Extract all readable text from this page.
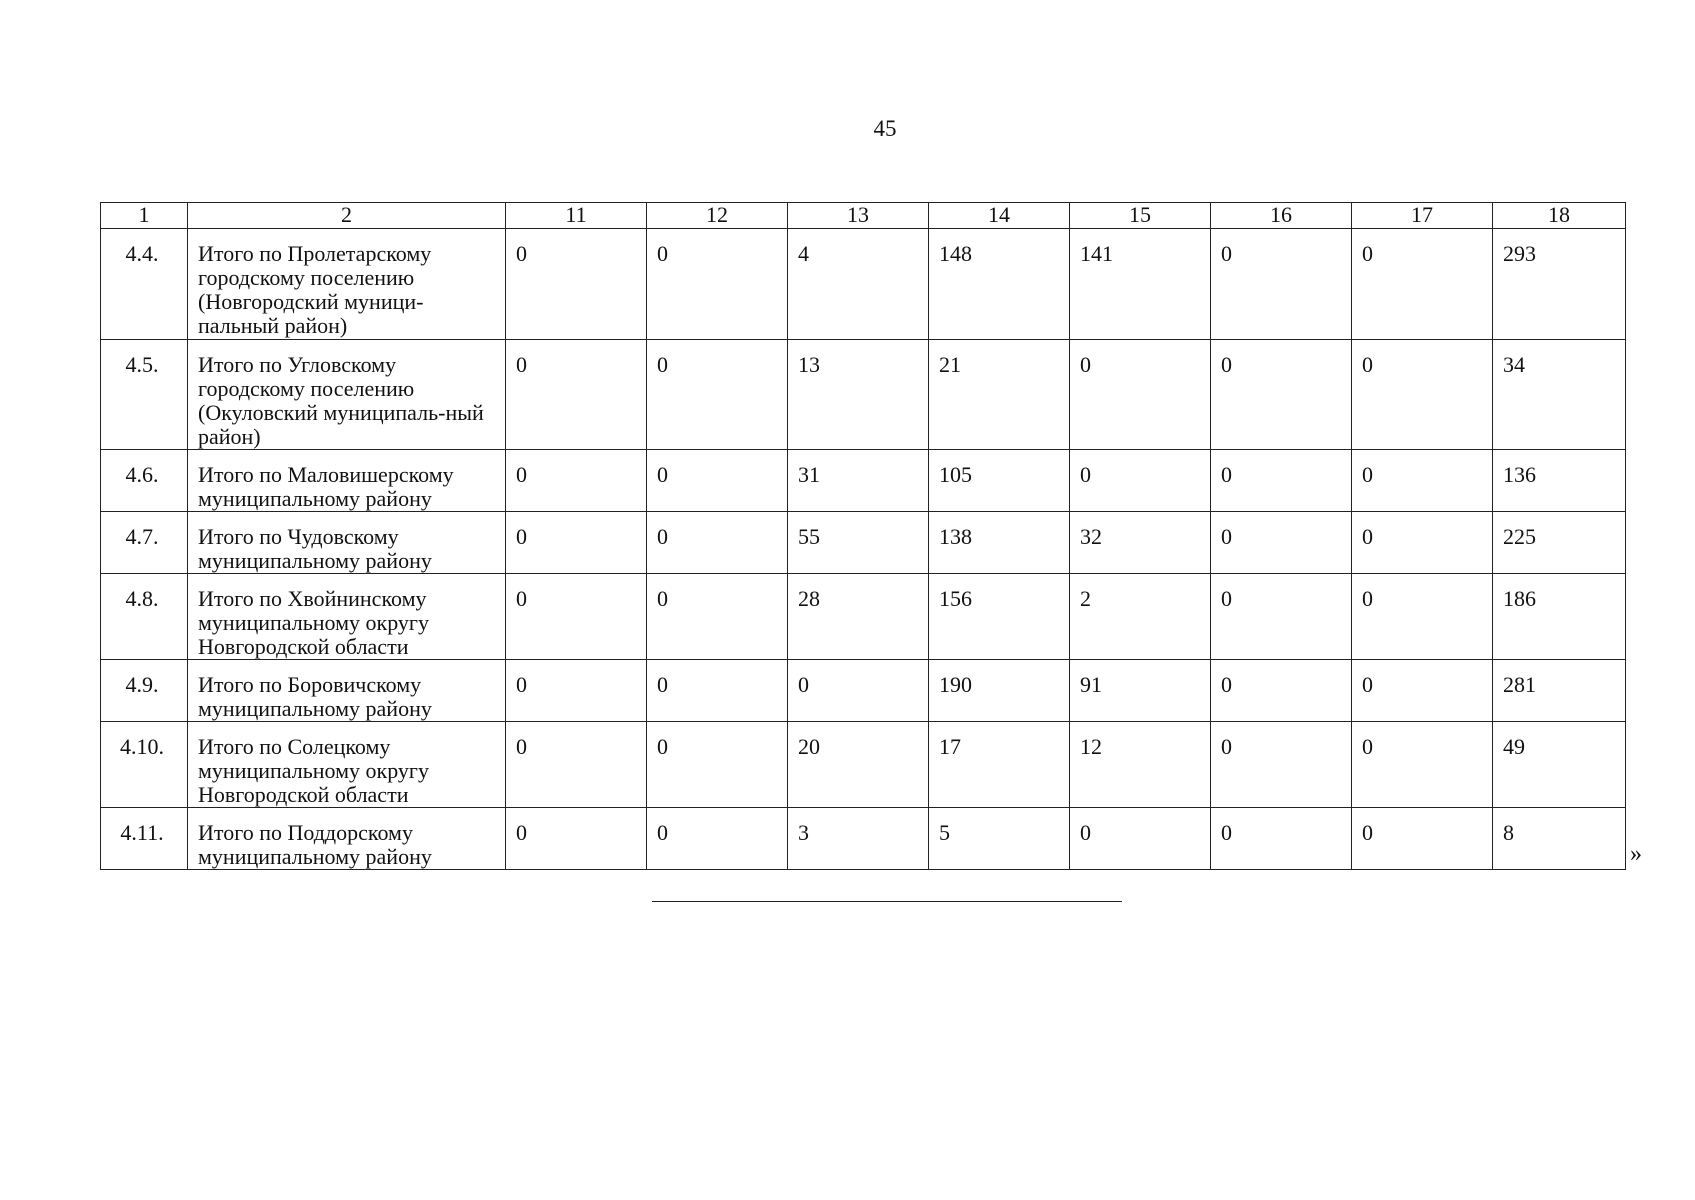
45
1	2	11	12	13	14	15	16	17	18
4.4.	Итого по Пролетарскому городскому поселению (Новгородский муници-пальный район)	0	0	4	148	141	0	0	293
4.5.	Итого по Угловскому городскому поселению (Окуловский муниципаль-ный район)	0	0	13	21	0	0	0	34
4.6.	Итого по Маловишерскому муниципальному району	0	0	31	105	0	0	0	136
4.7.	Итого по Чудовскому муниципальному району	0	0	55	138	32	0	0	225
4.8.	Итого по Хвойнинскому муниципальному округу Новгородской области	0	0	28	156	2	0	0	186
4.9.	Итого по Боровичскому муниципальному району	0	0	0	190	91	0	0	281
4.10.	Итого по Солецкому муниципальному округу Новгородской области	0	0	20	17	12	0	0	49
4.11.	Итого по Поддорскому муниципальному району	0	0	3	5	0	0	0	8
»
